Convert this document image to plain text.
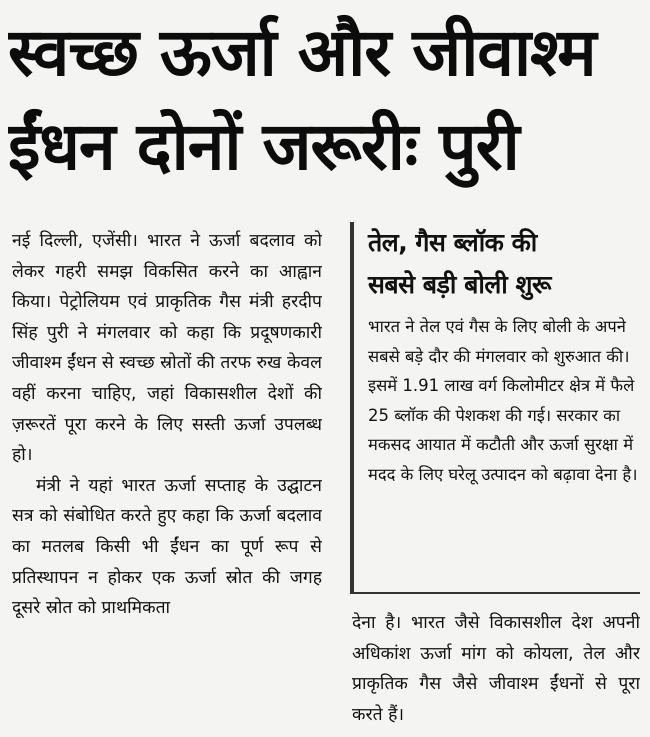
स्वच्छ ऊर्जा और जीवाश्म
ईंधन दोनों जरूरीः पुरी

नई दिल्ली, एजेंसी। भारत ने ऊर्जा बदलाव को लेकर गहरी समझ विकसित करने का आह्वान किया। पेट्रोलियम एवं प्राकृतिक गैस मंत्री हरदीप सिंह पुरी ने मंगलवार को कहा कि प्रदूषणकारी जीवाश्म ईंधन से स्वच्छ स्रोतों की तरफ रुख केवल वहीं करना चाहिए, जहां विकासशील देशों की ज़रूरतें पूरा करने के लिए सस्ती ऊर्जा उपलब्ध हो।

मंत्री ने यहां भारत ऊर्जा सप्ताह के उद्घाटन सत्र को संबोधित करते हुए कहा कि ऊर्जा बदलाव का मतलब किसी भी ईंधन का पूर्ण रूप से प्रतिस्थापन न होकर एक ऊर्जा स्रोत की जगह दूसरे स्रोत को प्राथमिकता

तेल, गैस ब्लॉक की
सबसे बड़ी बोली शुरू
भारत ने तेल एवं गैस के लिए बोली के अपने सबसे बड़े दौर की मंगलवार को शुरुआत की। इसमें 1.91 लाख वर्ग किलोमीटर क्षेत्र में फैले 25 ब्लॉक की पेशकश की गई। सरकार का मकसद आयात में कटौती और ऊर्जा सुरक्षा में मदद के लिए घरेलू उत्पादन को बढ़ावा देना है।

देना है। भारत जैसे विकासशील देश अपनी अधिकांश ऊर्जा मांग को कोयला, तेल और प्राकृतिक गैस जैसे जीवाश्म ईंधनों से पूरा करते हैं।
